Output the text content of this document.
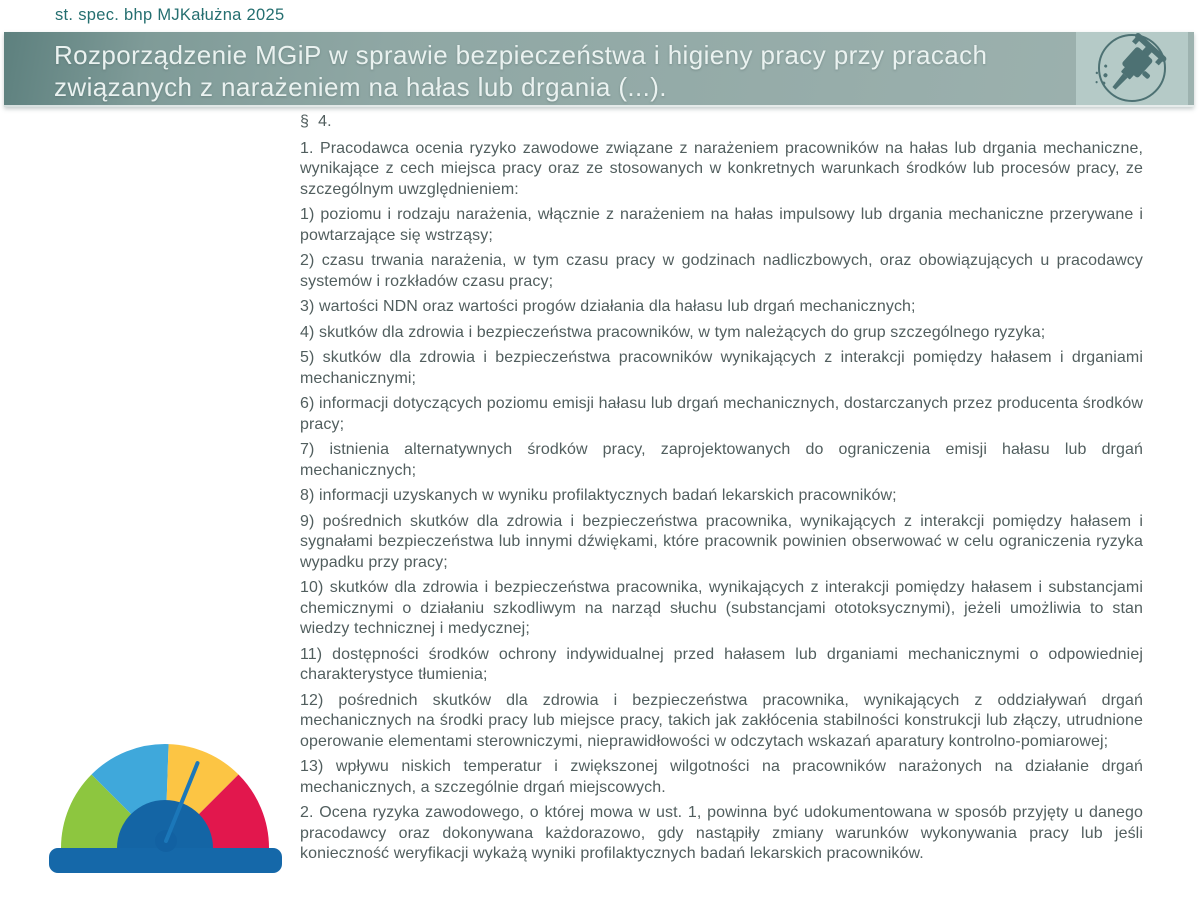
st. spec. bhp MJKałużna 2025
Rozporządzenie MGiP w sprawie bezpieczeństwa i higieny pracy przy pracach
związanych z narażeniem na hałas lub drgania (...).

§  4.

1. Pracodawca ocenia ryzyko zawodowe związane z narażeniem pracowników na hałas lub drgania mechaniczne, wynikające z cech miejsca pracy oraz ze stosowanych w konkretnych warunkach środków lub procesów pracy, ze szczególnym uwzględnieniem:

1) poziomu i rodzaju narażenia, włącznie z narażeniem na hałas impulsowy lub drgania mechaniczne przerywane i powtarzające się wstrząsy;

2) czasu trwania narażenia, w tym czasu pracy w godzinach nadliczbowych, oraz obowiązujących u pracodawcy systemów i rozkładów czasu pracy;

3) wartości NDN oraz wartości progów działania dla hałasu lub drgań mechanicznych;

4) skutków dla zdrowia i bezpieczeństwa pracowników, w tym należących do grup szczególnego ryzyka;

5) skutków dla zdrowia i bezpieczeństwa pracowników wynikających z interakcji pomiędzy hałasem i drganiami mechanicznymi;

6) informacji dotyczących poziomu emisji hałasu lub drgań mechanicznych, dostarczanych przez producenta środków pracy;

7) istnienia alternatywnych środków pracy, zaprojektowanych do ograniczenia emisji hałasu lub drgań mechanicznych;

8) informacji uzyskanych w wyniku profilaktycznych badań lekarskich pracowników;

9) pośrednich skutków dla zdrowia i bezpieczeństwa pracownika, wynikających z interakcji pomiędzy hałasem i sygnałami bezpieczeństwa lub innymi dźwiękami, które pracownik powinien obserwować w celu ograniczenia ryzyka wypadku przy pracy;

10) skutków dla zdrowia i bezpieczeństwa pracownika, wynikających z interakcji pomiędzy hałasem i substancjami chemicznymi o działaniu szkodliwym na narząd słuchu (substancjami ototoksycznymi), jeżeli umożliwia to stan wiedzy technicznej i medycznej;

11) dostępności środków ochrony indywidualnej przed hałasem lub drganiami mechanicznymi o odpowiedniej charakterystyce tłumienia;

12) pośrednich skutków dla zdrowia i bezpieczeństwa pracownika, wynikających z oddziaływań drgań mechanicznych na środki pracy lub miejsce pracy, takich jak zakłócenia stabilności konstrukcji lub złączy, utrudnione operowanie elementami sterowniczymi, nieprawidłowości w odczytach wskazań aparatury kontrolno-pomiarowej;

13) wpływu niskich temperatur i zwiększonej wilgotności na pracowników narażonych na działanie drgań mechanicznych, a szczególnie drgań miejscowych.

2. Ocena ryzyka zawodowego, o której mowa w ust. 1, powinna być udokumentowana w sposób przyjęty u danego pracodawcy oraz dokonywana każdorazowo, gdy nastąpiły zmiany warunków wykonywania pracy lub jeśli konieczność weryfikacji wykażą wyniki profilaktycznych badań lekarskich pracowników.
